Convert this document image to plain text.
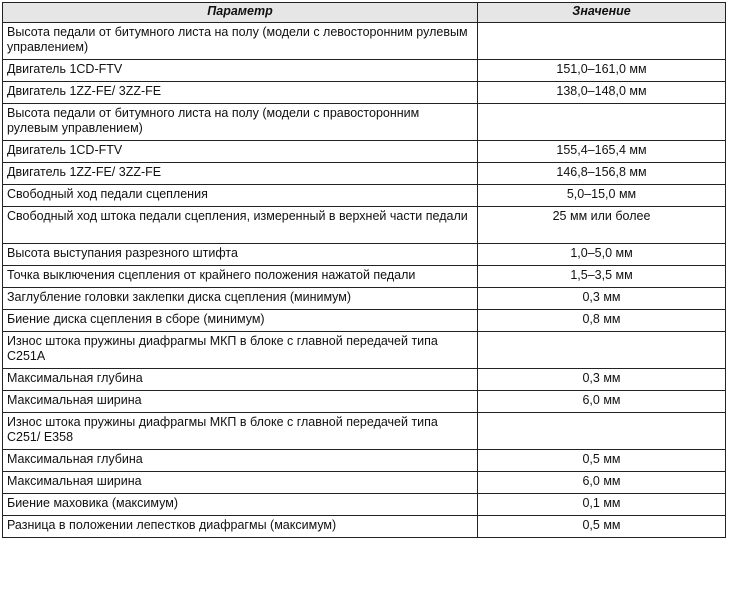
Параметр	Значение
Высота педали от битумного листа на полу (модели с левосторонним рулевым управлением)	
Двигатель 1CD-FTV	151,0–161,0 мм
Двигатель 1ZZ-FE/ 3ZZ-FE	138,0–148,0 мм
Высота педали от битумного листа на полу (модели с правосторонним рулевым управлением)	
Двигатель 1CD-FTV	155,4–165,4 мм
Двигатель 1ZZ-FE/ 3ZZ-FE	146,8–156,8 мм
Свободный ход педали сцепления	5,0–15,0 мм
Свободный ход штока педали сцепления, измеренный в верхней части педали	25 мм или более
Высота выступания разрезного штифта	1,0–5,0 мм
Точка выключения сцепления от крайнего положения нажатой педали	1,5–3,5 мм
Заглубление головки заклепки диска сцепления (минимум)	0,3 мм
Биение диска сцепления в сборе (минимум)	0,8 мм
Износ штока пружины диафрагмы МКП в блоке с главной передачей типа C251A	
Максимальная глубина	0,3 мм
Максимальная ширина	6,0 мм
Износ штока пружины диафрагмы МКП в блоке с главной передачей типа C251/ E358	
Максимальная глубина	0,5 мм
Максимальная ширина	6,0 мм
Биение маховика (максимум)	0,1 мм
Разница в положении лепестков диафрагмы (максимум)	0,5 мм
